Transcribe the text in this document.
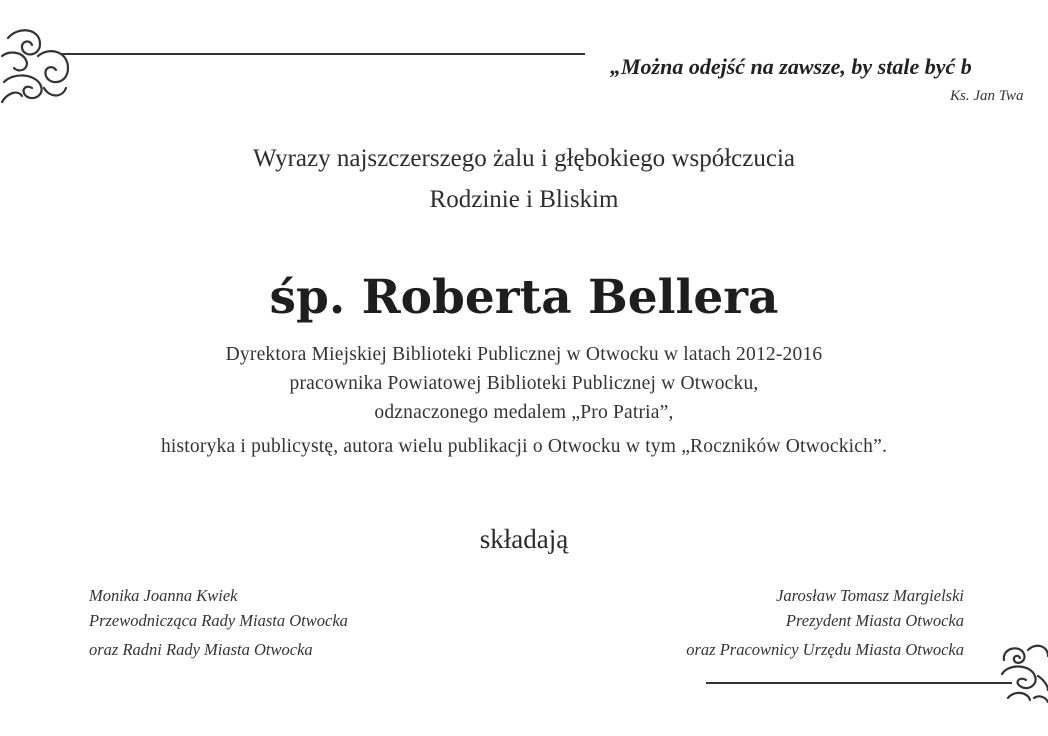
„Można odejść na zawsze, by stale być b
Ks. Jan Twa
Wyrazy najszczerszego żalu i głębokiego współczucia
Rodzinie i Bliskim
śp. Roberta Bellera
Dyrektora Miejskiej Biblioteki Publicznej w Otwocku w latach 2012-2016
pracownika Powiatowej Biblioteki Publicznej w Otwocku,
odznaczonego medalem „Pro Patria”,
historyka i publicystę, autora wielu publikacji o Otwocku w tym „Roczników Otwockich”.
składają
Monika Joanna Kwiek
Przewodnicząca Rady Miasta Otwocka
oraz Radni Rady Miasta Otwocka
Jarosław Tomasz Margielski
Prezydent Miasta Otwocka
oraz Pracownicy Urzędu Miasta Otwocka
